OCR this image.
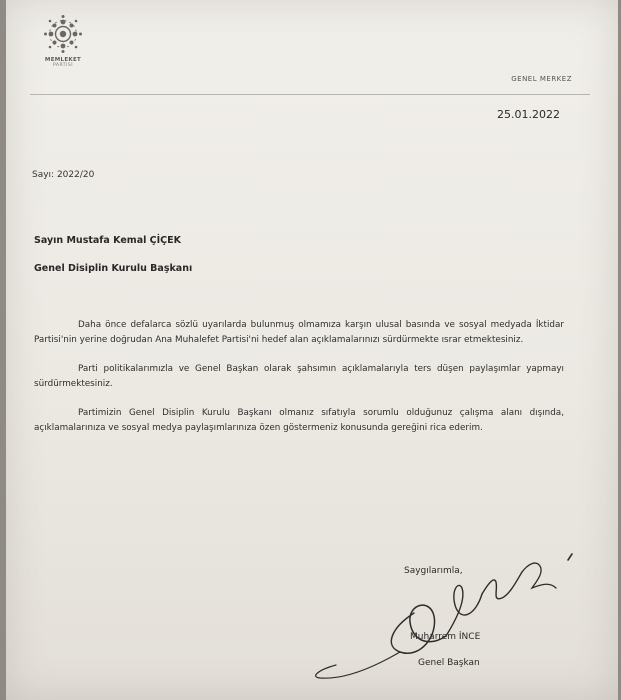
MEMLEKET
PARTISI
GENEL MERKEZ
25.01.2022
Sayı: 2022/20
Sayın Mustafa Kemal ÇİÇEK
Genel Disiplin Kurulu Başkanı

Daha önce defalarca sözlü uyarılarda bulunmuş olmamıza karşın ulusal basında ve sosyal medyada İktidar Partisi'nin yerine doğrudan Ana Muhalefet Partisi'ni hedef alan açıklamalarınızı sürdürmekte ısrar etmektesiniz.

Parti politikalarımızla ve Genel Başkan olarak şahsımın açıklamalarıyla ters düşen paylaşımlar yapmayı sürdürmektesiniz.

Partimizin Genel Disiplin Kurulu Başkanı olmanız sıfatıyla sorumlu olduğunuz çalışma alanı dışında, açıklamalarınıza ve sosyal medya paylaşımlarınıza özen göstermeniz konusunda gereğini rica ederim.

Saygılarımla,
Muharrem İNCE
Genel Başkan
